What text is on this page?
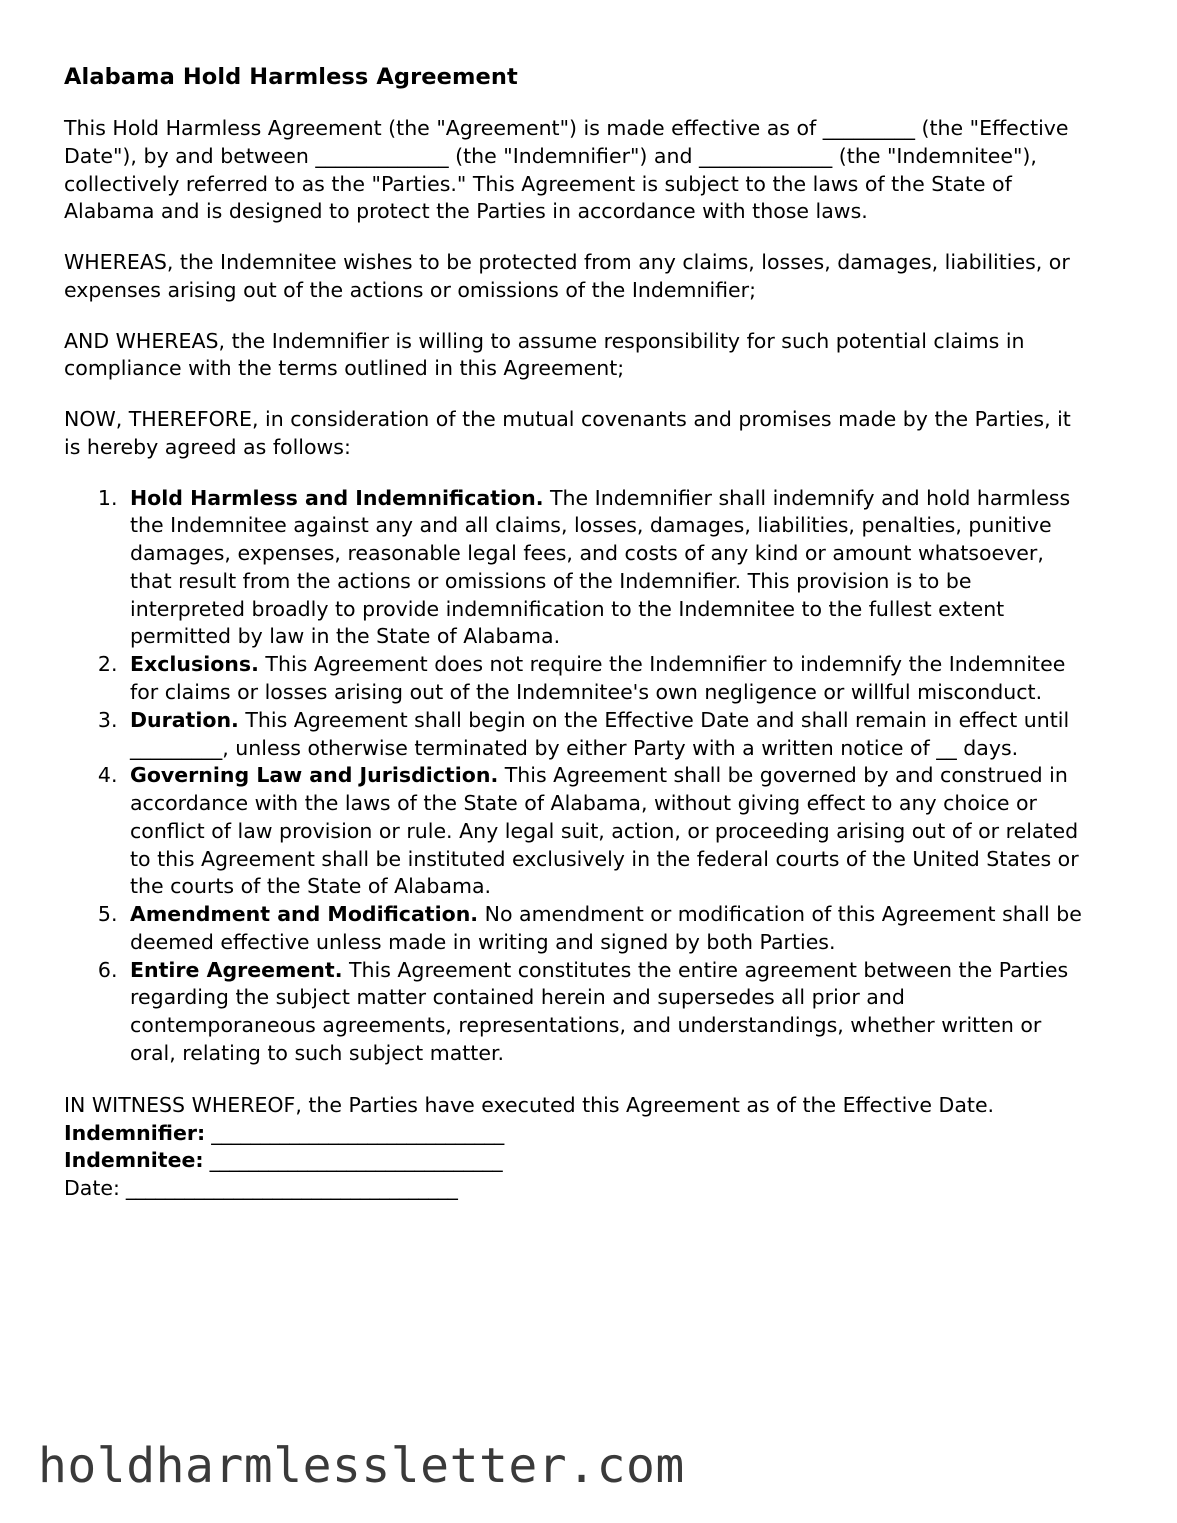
Alabama Hold Harmless Agreement

This Hold Harmless Agreement (the "Agreement") is made effective as of _________ (the "Effective Date"), by and between _____________ (the "Indemnifier") and _____________ (the "Indemnitee"), collectively referred to as the "Parties." This Agreement is subject to the laws of the State of Alabama and is designed to protect the Parties in accordance with those laws.

WHEREAS, the Indemnitee wishes to be protected from any claims, losses, damages, liabilities, or expenses arising out of the actions or omissions of the Indemnifier;

AND WHEREAS, the Indemnifier is willing to assume responsibility for such potential claims in compliance with the terms outlined in this Agreement;

NOW, THEREFORE, in consideration of the mutual covenants and promises made by the Parties, it is hereby agreed as follows:

1. Hold Harmless and Indemnification. The Indemnifier shall indemnify and hold harmless the Indemnitee against any and all claims, losses, damages, liabilities, penalties, punitive damages, expenses, reasonable legal fees, and costs of any kind or amount whatsoever, that result from the actions or omissions of the Indemnifier. This provision is to be interpreted broadly to provide indemnification to the Indemnitee to the fullest extent permitted by law in the State of Alabama.
2. Exclusions. This Agreement does not require the Indemnifier to indemnify the Indemnitee for claims or losses arising out of the Indemnitee's own negligence or willful misconduct.
3. Duration. This Agreement shall begin on the Effective Date and shall remain in effect until _________, unless otherwise terminated by either Party with a written notice of __ days.
4. Governing Law and Jurisdiction. This Agreement shall be governed by and construed in accordance with the laws of the State of Alabama, without giving effect to any choice or conflict of law provision or rule. Any legal suit, action, or proceeding arising out of or related to this Agreement shall be instituted exclusively in the federal courts of the United States or the courts of the State of Alabama.
5. Amendment and Modification. No amendment or modification of this Agreement shall be deemed effective unless made in writing and signed by both Parties.
6. Entire Agreement. This Agreement constitutes the entire agreement between the Parties regarding the subject matter contained herein and supersedes all prior and contemporaneous agreements, representations, and understandings, whether written or oral, relating to such subject matter.
IN WITNESS WHEREOF, the Parties have executed this Agreement as of the Effective Date.
Indemnifier: ______________________________
Indemnitee: ______________________________
Date: __________________________________
holdharmlessletter.com
